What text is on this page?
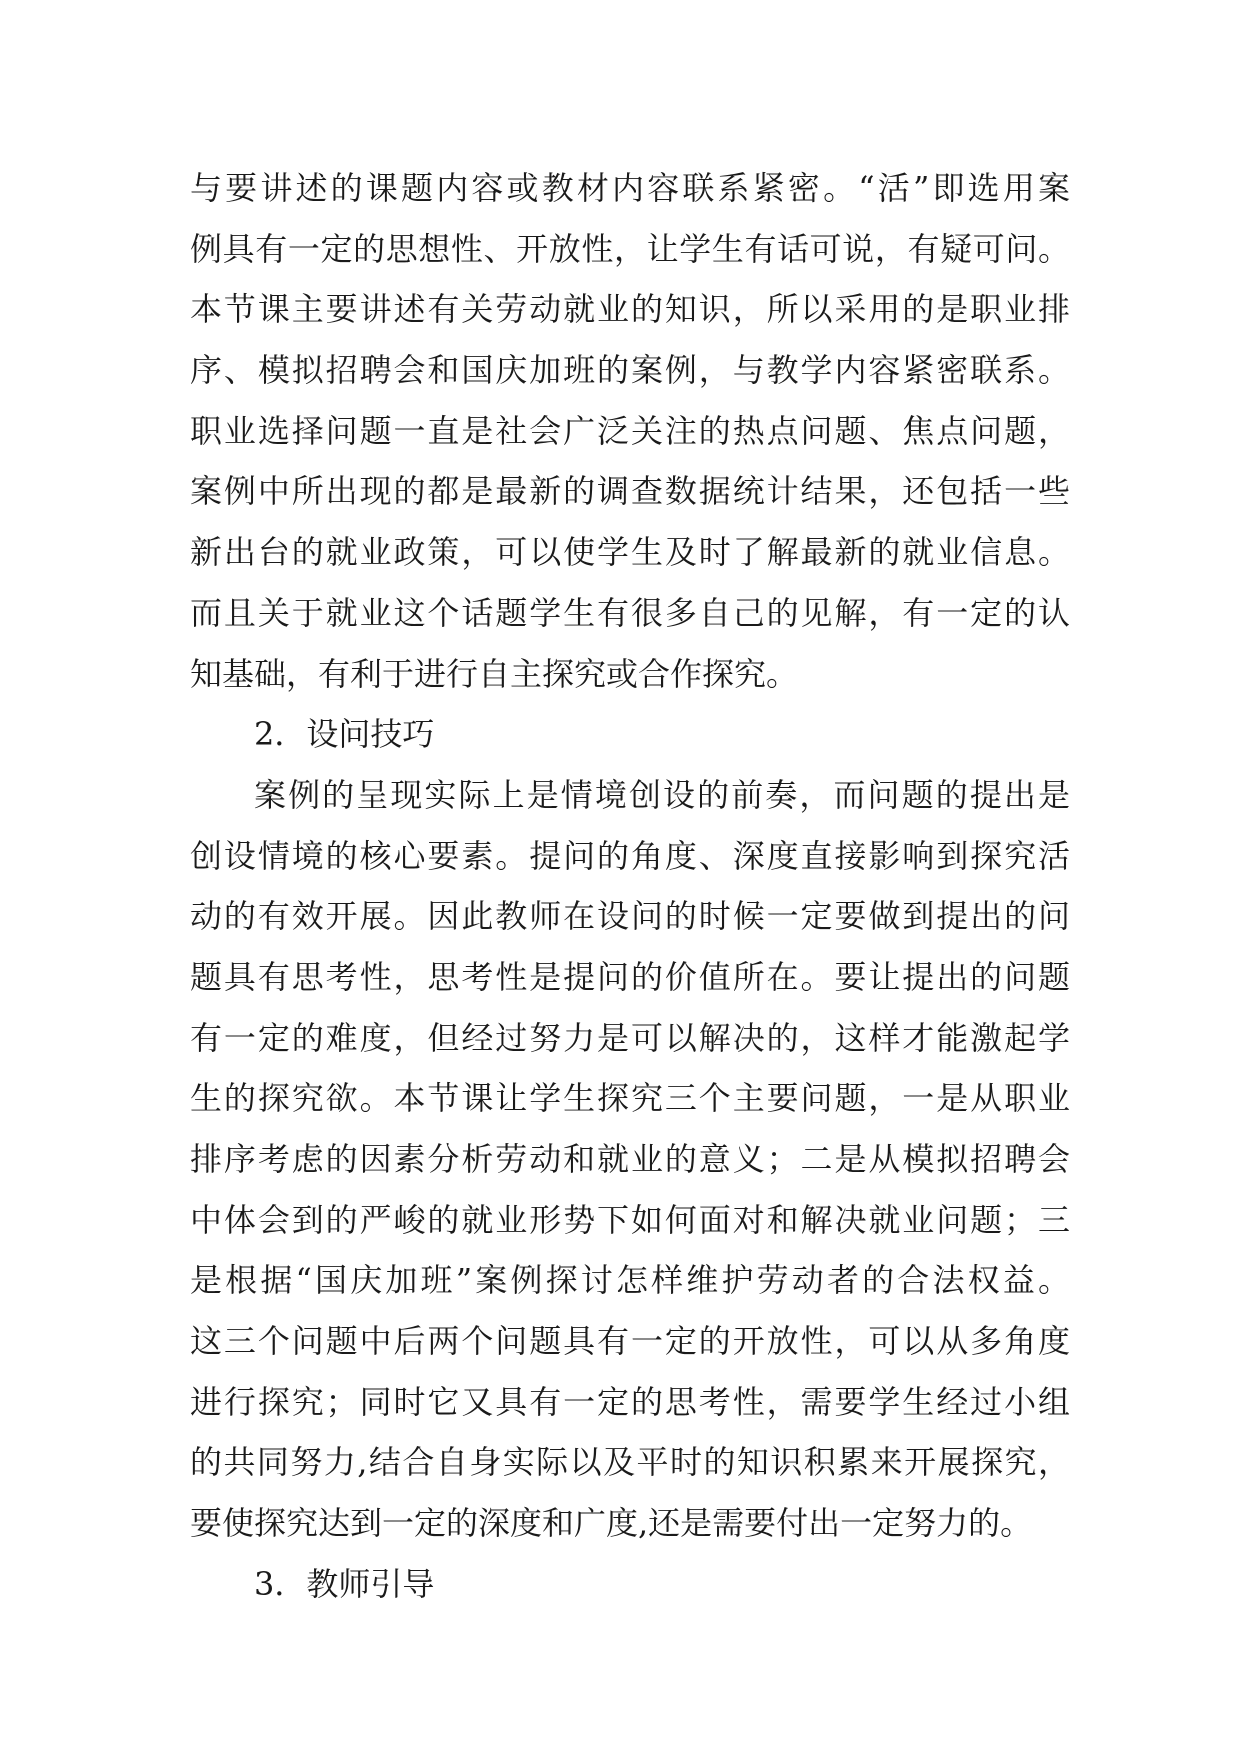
与要讲述的课题内容或教材内容联系紧密。“活”即选用案
例具有一定的思想性、开放性，让学生有话可说，有疑可问。
本节课主要讲述有关劳动就业的知识，所以采用的是职业排
序、模拟招聘会和国庆加班的案例，与教学内容紧密联系。
职业选择问题一直是社会广泛关注的热点问题、焦点问题，
案例中所出现的都是最新的调查数据统计结果，还包括一些
新出台的就业政策，可以使学生及时了解最新的就业信息。
而且关于就业这个话题学生有很多自己的见解，有一定的认
知基础，有利于进行自主探究或合作探究。
2．设问技巧
案例的呈现实际上是情境创设的前奏，而问题的提出是
创设情境的核心要素。提问的角度、深度直接影响到探究活
动的有效开展。因此教师在设问的时候一定要做到提出的问
题具有思考性，思考性是提问的价值所在。要让提出的问题
有一定的难度，但经过努力是可以解决的，这样才能激起学
生的探究欲。本节课让学生探究三个主要问题，一是从职业
排序考虑的因素分析劳动和就业的意义；二是从模拟招聘会
中体会到的严峻的就业形势下如何面对和解决就业问题；三
是根据“国庆加班”案例探讨怎样维护劳动者的合法权益。
这三个问题中后两个问题具有一定的开放性，可以从多角度
进行探究；同时它又具有一定的思考性，需要学生经过小组
的共同努力,结合自身实际以及平时的知识积累来开展探究，
要使探究达到一定的深度和广度,还是需要付出一定努力的。
3．教师引导
